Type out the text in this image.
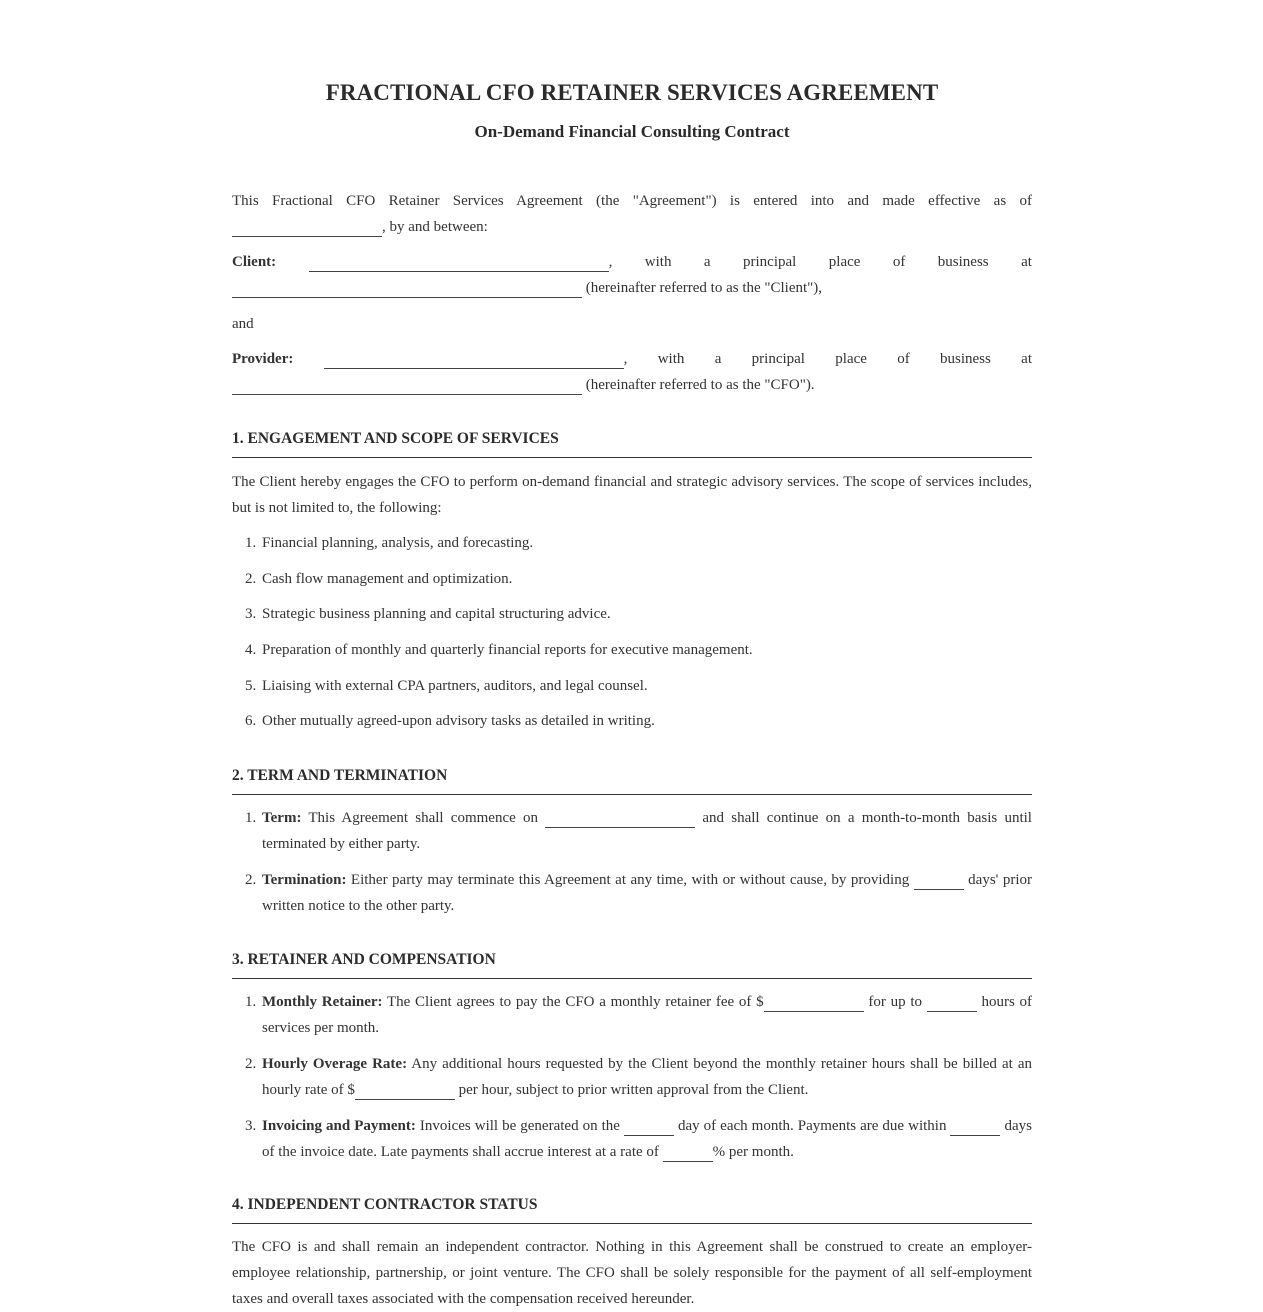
FRACTIONAL CFO RETAINER SERVICES AGREEMENT
On-Demand Financial Consulting Contract
This Fractional CFO Retainer Services Agreement (the "Agreement") is entered into and made effective as of , by and between:
Client:	, with a principal place of business at
(hereinafter referred to as the "Client"),
and
Provider:	, with a principal place of business at
(hereinafter referred to as the "CFO").
1. ENGAGEMENT AND SCOPE OF SERVICES
The Client hereby engages the CFO to perform on-demand financial and strategic advisory services. The scope of services includes, but is not limited to, the following:
1. Financial planning, analysis, and forecasting.
2. Cash flow management and optimization.
3. Strategic business planning and capital structuring advice.
4. Preparation of monthly and quarterly financial reports for executive management.
5. Liaising with external CPA partners, auditors, and legal counsel.
6. Other mutually agreed-upon advisory tasks as detailed in writing.
2. TERM AND TERMINATION
1. Term: This Agreement shall commence on	and shall continue on a month-to-month basis until terminated by either party.
2. Termination: Either party may terminate this Agreement at any time, with or without cause, by providing	days' prior written notice to the other party.
3. RETAINER AND COMPENSATION
1. Monthly Retainer: The Client agrees to pay the CFO a monthly retainer fee of $	for up to	hours of services per month.
2. Hourly Overage Rate: Any additional hours requested by the Client beyond the monthly retainer hours shall be billed at an hourly rate of $	per hour, subject to prior written approval from the Client.
3. Invoicing and Payment: Invoices will be generated on the	day of each month. Payments are due within	days of the invoice date. Late payments shall accrue interest at a rate of	% per month.
4. INDEPENDENT CONTRACTOR STATUS
The CFO is and shall remain an independent contractor. Nothing in this Agreement shall be construed to create an employer-employee relationship, partnership, or joint venture. The CFO shall be solely responsible for the payment of all self-employment taxes and overall taxes associated with the compensation received hereunder.
